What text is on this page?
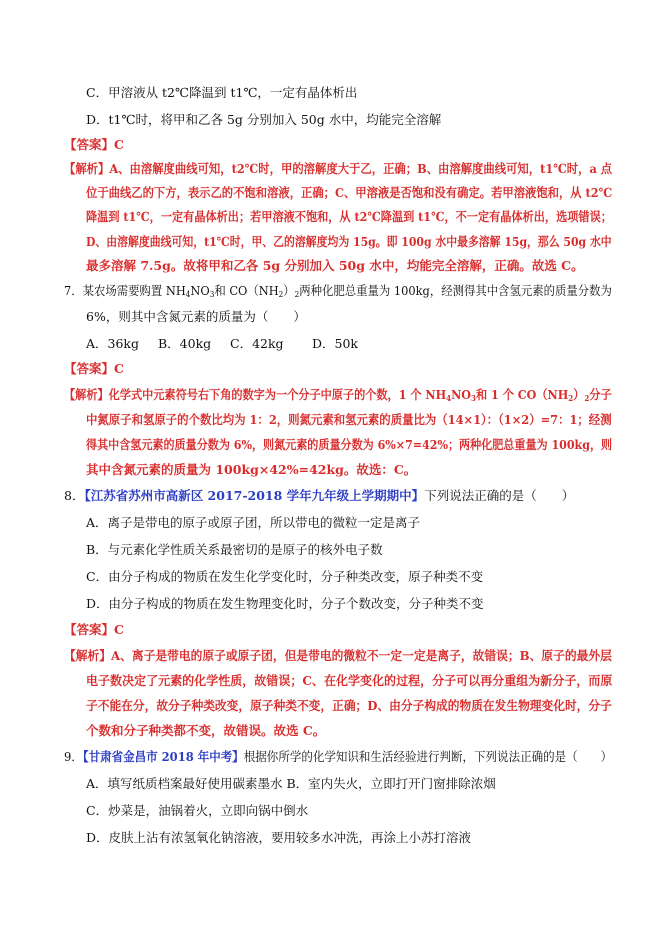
C．甲溶液从 t2℃降温到 t1℃，一定有晶体析出
D．t1℃时，将甲和乙各 5g 分别加入 50g 水中，均能完全溶解
【答案】C
【解析】A、由溶解度曲线可知，t2℃时，甲的溶解度大于乙，正确；B、由溶解度曲线可知，t1℃时，a 点
位于曲线乙的下方，表示乙的不饱和溶液，正确；C、甲溶液是否饱和没有确定。若甲溶液饱和，从 t2℃
降温到 t1℃，一定有晶体析出；若甲溶液不饱和，从 t2℃降温到 t1℃，不一定有晶体析出，选项错误；
D、由溶解度曲线可知，t1℃时，甲、乙的溶解度均为 15g。即 100g 水中最多溶解 15g，那么 50g 水中
最多溶解 7.5g。故将甲和乙各 5g 分别加入 50g 水中，均能完全溶解，正确。故选 C。
7．某农场需要购置 $NH_4NO_3$和 $CO(NH_2)_2$两种化肥总重量为 100kg，经测得其中含氢元素的质量分数为
6%，则其中含氮元素的质量为（　　）
A．36kg B．40kg C．42kg D．50k
【答案】C
【解析】化学式中元素符号右下角的数字为一个分子中原子的个数，1 个 $NH_4NO_3$和 1 个 $CO(NH_2)_2$分子
中氮原子和氢原子的个数比均为 1：2，则氮元素和氢元素的质量比为（14×1）：（1×2）=7：1；经测
得其中含氢元素的质量分数为 6%，则氮元素的质量分数为 6%×7=42%；两种化肥总重量为 100kg，则
其中含氮元素的质量为 100kg×42%=42kg。故选：C。
8．【江苏省苏州市高新区 2017-2018 学年九年级上学期期中】下列说法正确的是（　　）
A．离子是带电的原子或原子团，所以带电的微粒一定是离子
B．与元素化学性质关系最密切的是原子的核外电子数
C．由分子构成的物质在发生化学变化时，分子种类改变，原子种类不变
D．由分子构成的物质在发生物理变化时，分子个数改变，分子种类不变
【答案】C
【解析】A、离子是带电的原子或原子团，但是带电的微粒不一定一定是离子，故错误；B、原子的最外层
电子数决定了元素的化学性质，故错误；C、在化学变化的过程，分子可以再分重组为新分子，而原
子不能在分，故分子种类改变，原子种类不变，正确；D、由分子构成的物质在发生物理变化时，分子
个数和分子种类都不变，故错误。故选 C。
9．【甘肃省金昌市 2018 年中考】根据你所学的化学知识和生活经验进行判断，下列说法正确的是（　　）
A．填写纸质档案最好使用碳素墨水 B．室内失火，立即打开门窗排除浓烟
C．炒菜是，油锅着火，立即向锅中倒水
D．皮肤上沾有浓氢氧化钠溶液，要用较多水冲洗，再涂上小苏打溶液
